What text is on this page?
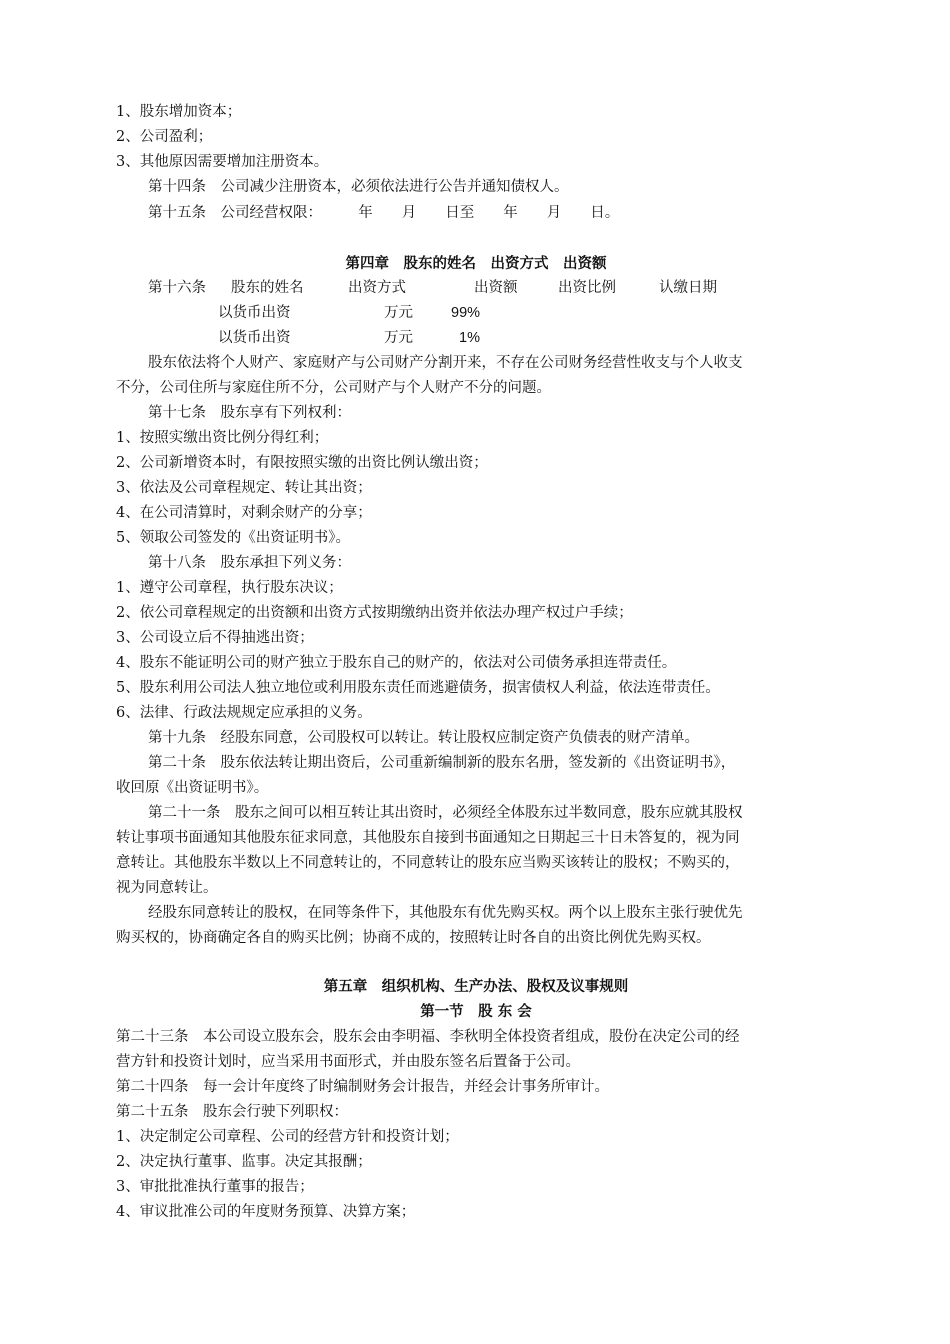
1、股东增加资本；
2、公司盈利；
3、其他原因需要增加注册资本。
第十四条　公司减少注册资本，必须依法进行公告并通知债权人。
第十五条　公司经营权限：　　　年　　月　　日至　　年　　月　　日。
第四章　股东的姓名　出资方式　出资额
第十六条 股东的姓名	出资方式	出资额	出资比例	认缴日期
以货币出资	万元	99%
以货币出资	万元	1%
股东依法将个人财产、家庭财产与公司财产分割开来，不存在公司财务经营性收支与个人收支
不分，公司住所与家庭住所不分，公司财产与个人财产不分的问题。
第十七条　股东享有下列权利：
1、按照实缴出资比例分得红利；
2、公司新增资本时，有限按照实缴的出资比例认缴出资；
3、依法及公司章程规定、转让其出资；
4、在公司清算时，对剩余财产的分享；
5、领取公司签发的《出资证明书》。
第十八条　股东承担下列义务：
1、遵守公司章程，执行股东决议；
2、依公司章程规定的出资额和出资方式按期缴纳出资并依法办理产权过户手续；
3、公司设立后不得抽逃出资；
4、股东不能证明公司的财产独立于股东自己的财产的，依法对公司债务承担连带责任。
5、股东利用公司法人独立地位或利用股东责任而逃避债务，损害债权人利益，依法连带责任。
6、法律、行政法规规定应承担的义务。
第十九条　经股东同意，公司股权可以转让。转让股权应制定资产负债表的财产清单。
第二十条　股东依法转让期出资后，公司重新编制新的股东名册，签发新的《出资证明书》，
收回原《出资证明书》。
第二十一条　股东之间可以相互转让其出资时，必须经全体股东过半数同意，股东应就其股权
转让事项书面通知其他股东征求同意，其他股东自接到书面通知之日期起三十日未答复的，视为同
意转让。其他股东半数以上不同意转让的，不同意转让的股东应当购买该转让的股权；不购买的，
视为同意转让。
经股东同意转让的股权，在同等条件下，其他股东有优先购买权。两个以上股东主张行驶优先
购买权的，协商确定各自的购买比例；协商不成的，按照转让时各自的出资比例优先购买权。
第五章　组织机构、生产办法、股权及议事规则
第一节　股 东 会
第二十三条　本公司设立股东会，股东会由李明福、李秋明全体投资者组成，股份在决定公司的经
营方针和投资计划时，应当采用书面形式，并由股东签名后置备于公司。
第二十四条　每一会计年度终了时编制财务会计报告，并经会计事务所审计。
第二十五条　股东会行驶下列职权：
1、决定制定公司章程、公司的经营方针和投资计划；
2、决定执行董事、监事。决定其报酬；
3、审批批准执行董事的报告；
4、审议批准公司的年度财务预算、决算方案；
